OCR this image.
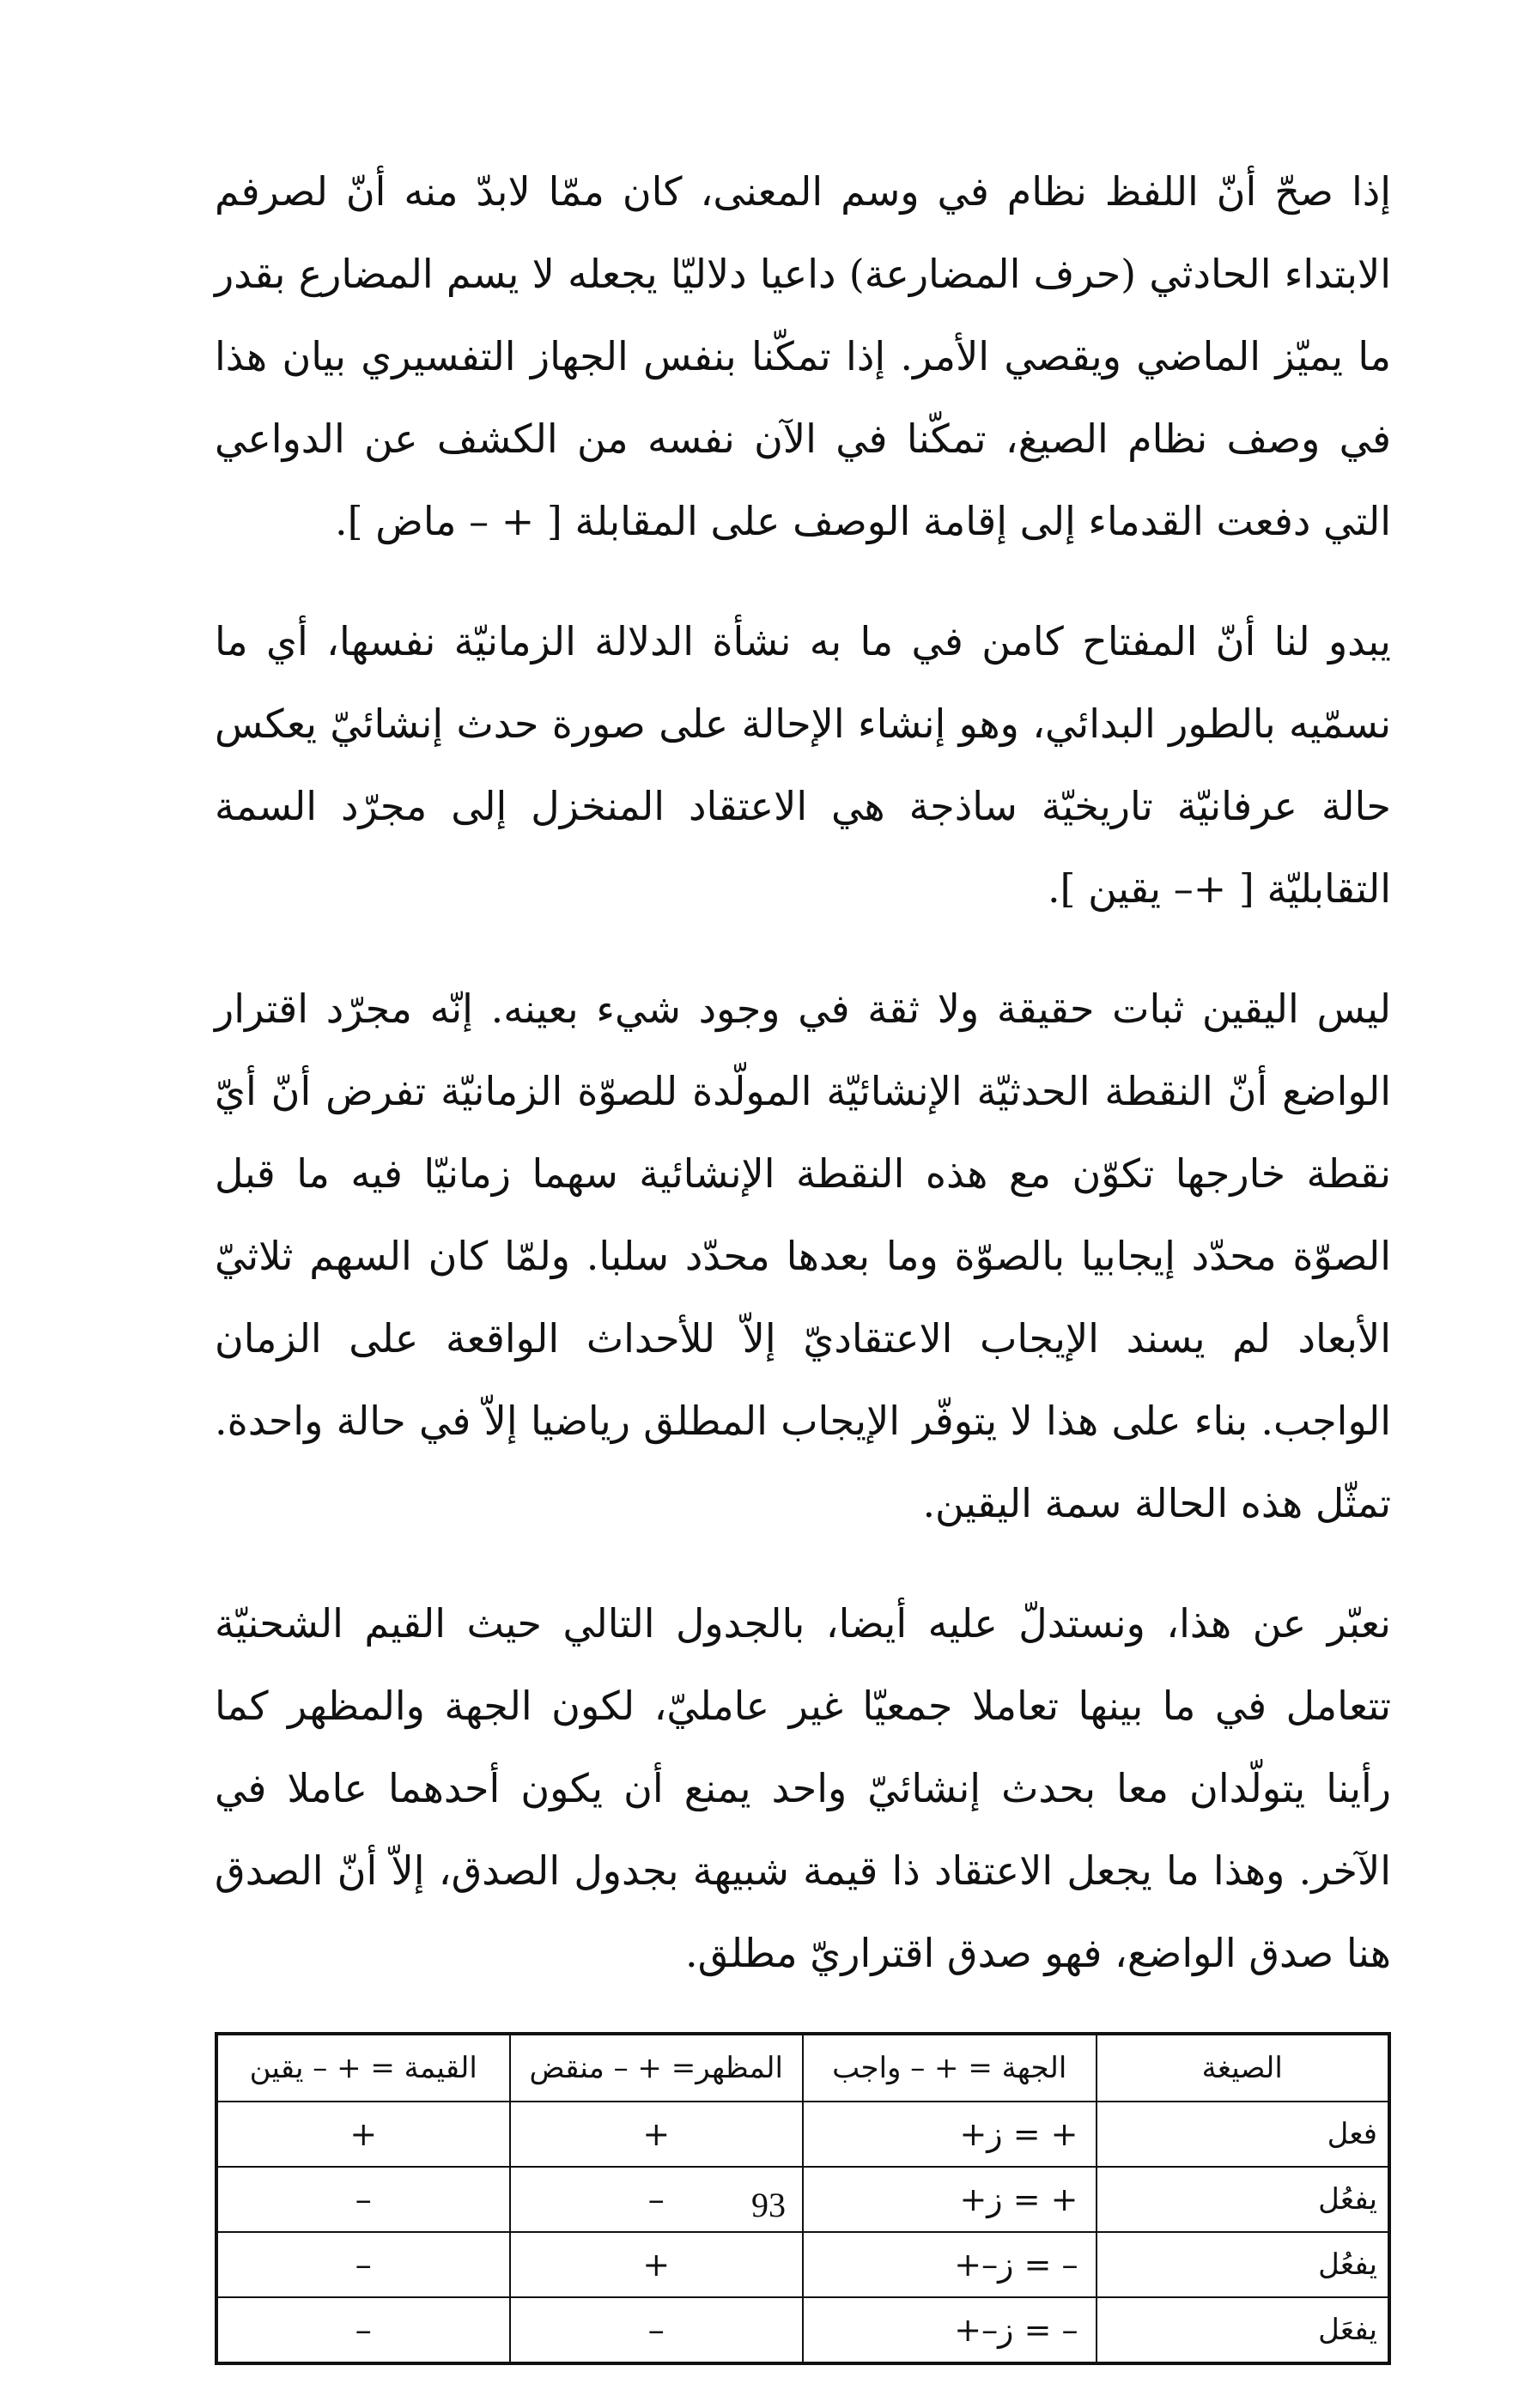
إذا صحّ أنّ اللفظ نظام في وسم المعنى، كان ممّا لابدّ منه أنّ لصرفم الابتداء الحادثي (حرف المضارعة) داعيا دلاليّا يجعله لا يسم المضارع بقدر ما يميّز الماضي ويقصي الأمر. إذا تمكّنا بنفس الجهاز التفسيري بيان هذا في وصف نظام الصيغ، تمكّنا في الآن نفسه من الكشف عن الدواعي التي دفعت القدماء إلى إقامة الوصف على المقابلة [ + – ماض ].

يبدو لنا أنّ المفتاح كامن في ما به نشأة الدلالة الزمانيّة نفسها، أي ما نسمّيه بالطور البدائي، وهو إنشاء الإحالة على صورة حدث إنشائيّ يعكس حالة عرفانيّة تاريخيّة ساذجة هي الاعتقاد المنخزل إلى مجرّد السمة التقابليّة [ +– يقين ].

ليس اليقين ثبات حقيقة ولا ثقة في وجود شيء بعينه. إنّه مجرّد اقترار الواضع أنّ النقطة الحدثيّة الإنشائيّة المولّدة للصوّة الزمانيّة تفرض أنّ أيّ نقطة خارجها تكوّن مع هذه النقطة الإنشائية سهما زمانيّا فيه ما قبل الصوّة محدّد إيجابيا بالصوّة وما بعدها محدّد سلبا. ولمّا كان السهم ثلاثيّ الأبعاد لم يسند الإيجاب الاعتقاديّ إلاّ للأحداث الواقعة على الزمان الواجب. بناء على هذا لا يتوفّر الإيجاب المطلق رياضيا إلاّ في حالة واحدة. تمثّل هذه الحالة سمة اليقين.

نعبّر عن هذا، ونستدلّ عليه أيضا، بالجدول التالي حيث القيم الشحنيّة تتعامل في ما بينها تعاملا جمعيّا غير عامليّ، لكون الجهة والمظهر كما رأينا يتولّدان معا بحدث إنشائيّ واحد يمنع أن يكون أحدهما عاملا في الآخر. وهذا ما يجعل الاعتقاد ذا قيمة شبيهة بجدول الصدق، إلاّ أنّ الصدق هنا صدق الواضع، فهو صدق اقتراريّ مطلق.

الصيغة	الجهة = + – واجب	المظهر= + – منقض	القيمة = + – يقين
فعل	+ز = +	+	+
يفعُل	+ز = +	–	–
يفعُل	+–ز = –	+	–
يفعَل	+–ز = –	–	–
93
